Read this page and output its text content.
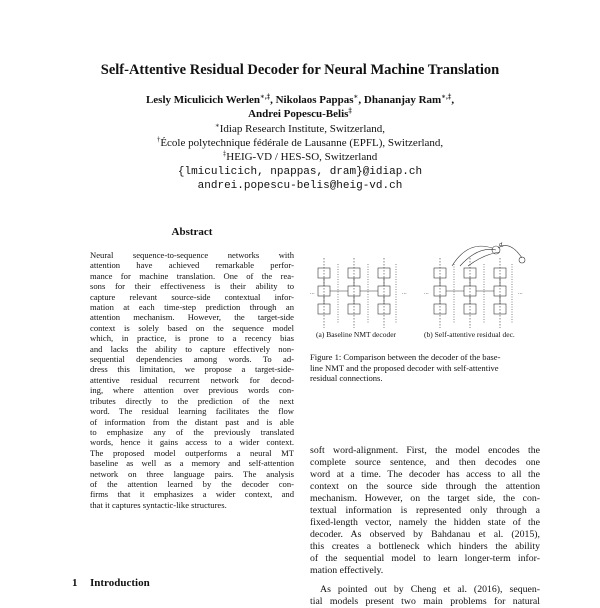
Self-Attentive Residual Decoder for Neural Machine Translation
Lesly Miculicich Werlen∗,‡, Nikolaos Pappas∗, Dhananjay Ram∗,‡,
Andrei Popescu-Belis‡
∗Idiap Research Institute, Switzerland,
†École polytechnique fédérale de Lausanne (EPFL), Switzerland,
‡HEIG-VD / HES-SO, Switzerland
{lmiculicich, npappas, dram}@idiap.ch
andrei.popescu-belis@heig-vd.ch
Abstract
Neural sequence-to-sequence networks with
attention have achieved remarkable perfor-
mance for machine translation. One of the rea-
sons for their effectiveness is their ability to
capture relevant source-side contextual infor-
mation at each time-step prediction through an
attention mechanism. However, the target-side
context is solely based on the sequence model
which, in practice, is prone to a recency bias
and lacks the ability to capture effectively non-
sequential dependencies among words. To ad-
dress this limitation, we propose a target-side-
attentive residual recurrent network for decod-
ing, where attention over previous words con-
tributes directly to the prediction of the next
word. The residual learning facilitates the flow
of information from the distant past and is able
to emphasize any of the previously translated
words, hence it gains access to a wider context.
The proposed model outperforms a neural MT
baseline as well as a memory and self-attention
network on three language pairs. The analysis
of the attention learned by the decoder con-
firms that it emphasizes a wider context, and
that it captures syntactic-like structures.
1 Introduction
...	...	...	...
$d_t$
(a) Baseline NMT decoder	(b) Self-attentive residual dec.
Figure 1: Comparison between the decoder of the base-
line NMT and the proposed decoder with self-attentive
residual connections.
soft word-alignment. First, the model encodes the
complete source sentence, and then decodes one
word at a time. The decoder has access to all the
context on the source side through the attention
mechanism. However, on the target side, the con-
textual information is represented only through a
fixed-length vector, namely the hidden state of the
decoder. As observed by Bahdanau et al. (2015),
this creates a bottleneck which hinders the ability
of the sequential model to learn longer-term infor-
mation effectively.
As pointed out by Cheng et al. (2016), sequen-
tial models present two main problems for natural
